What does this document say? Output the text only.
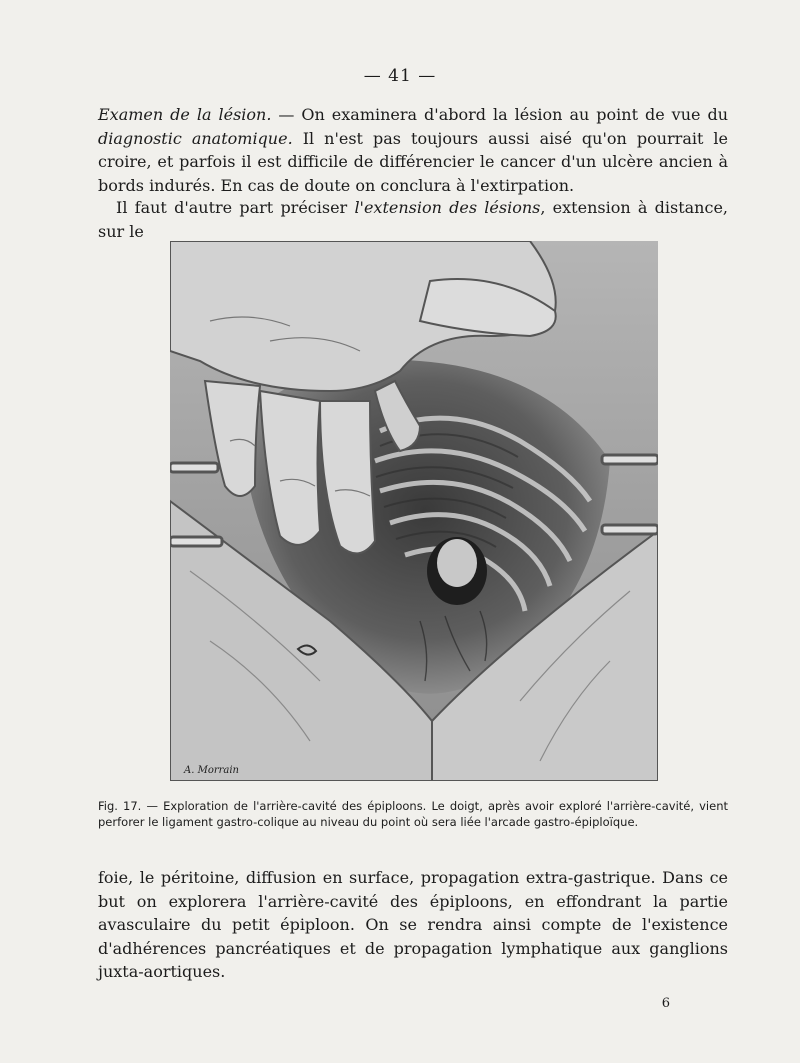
— 41 —

Examen de la lésion. — On examinera d'abord la lésion au point de vue du diagnostic anatomique. Il n'est pas toujours aussi aisé qu'on pourrait le croire, et parfois il est difficile de différencier le cancer d'un ulcère ancien à bords indurés. En cas de doute on conclura à l'extirpation.

Il faut d'autre part préciser l'extension des lésions, extension à distance, sur le

A. Morrain

Fig. 17. — Exploration de l'arrière-cavité des épiploons. Le doigt, après avoir exploré l'arrière-cavité, vient perforer le ligament gastro-colique au niveau du point où sera liée l'arcade gastro-épiploïque.

foie, le péritoine, diffusion en surface, propagation extra-gastrique. Dans ce but on explorera l'arrière-cavité des épiploons, en effondrant la partie avasculaire du petit épiploon. On se rendra ainsi compte de l'existence d'adhérences pancréatiques et de propagation lymphatique aux ganglions juxta-aortiques.

6
